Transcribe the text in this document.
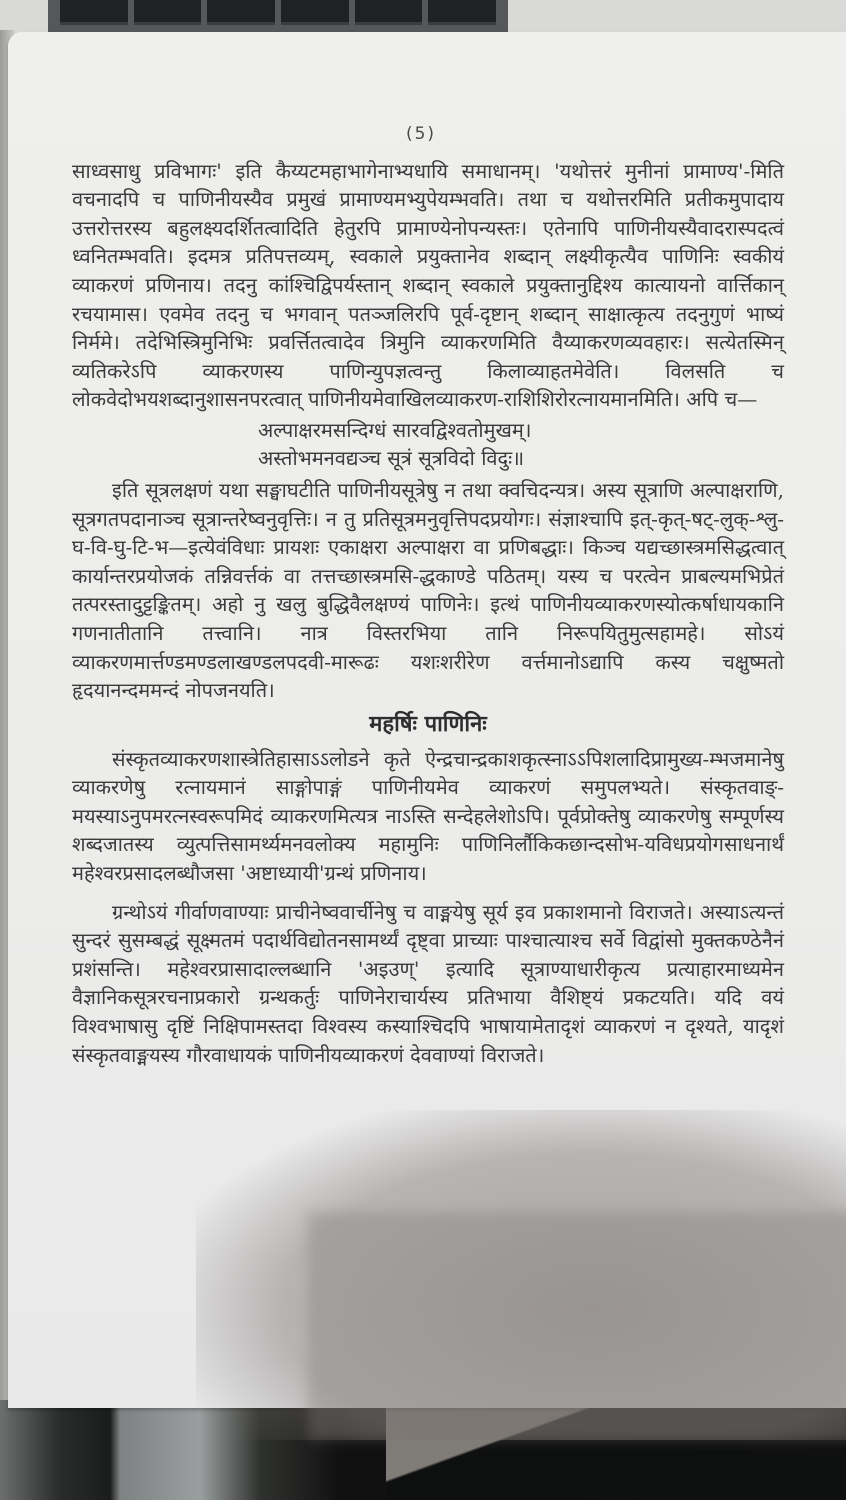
(5)

साध्वसाधु प्रविभागः' इति कैय्यटमहाभागेनाभ्यधायि समाधानम्। 'यथोत्तरं मुनीनां प्रामाण्य'-मिति वचनादपि च पाणिनीयस्यैव प्रमुखं प्रामाण्यमभ्युपेयम्भवति। तथा च यथोत्तरमिति प्रतीकमुपादाय उत्तरोत्तरस्य बहुलक्ष्यदर्शितत्वादिति हेतुरपि प्रामाण्येनोपन्यस्तः। एतेनापि पाणिनीयस्यैवादरास्पदत्वं ध्वनितम्भवति। इदमत्र प्रतिपत्तव्यम्, स्वकाले प्रयुक्तानेव शब्दान् लक्ष्यीकृत्यैव पाणिनिः स्वकीयं व्याकरणं प्रणिनाय। तदनु कांश्चिद्विपर्यस्तान् शब्दान् स्वकाले प्रयुक्तानुद्दिश्य कात्यायनो वार्त्तिकान् रचयामास। एवमेव तदनु च भगवान् पतञ्जलिरपि पूर्व-दृष्टान् शब्दान् साक्षात्कृत्य तदनुगुणं भाष्यं निर्ममे। तदेभिस्त्रिमुनिभिः प्रवर्त्तितत्वादेव त्रिमुनि व्याकरणमिति वैय्याकरणव्यवहारः। सत्येतस्मिन् व्यतिकरेऽपि व्याकरणस्य पाणिन्युपज्ञत्वन्तु किलाव्याहतमेवेति। विलसति च लोकवेदोभयशब्दानुशासनपरत्वात् पाणिनीयमेवाखिलव्याकरण-राशिशिरोरत्नायमानमिति। अपि च—

अल्पाक्षरमसन्दिग्धं सारवद्विश्वतोमुखम्।
अस्तोभमनवद्यञ्च सूत्रं सूत्रविदो विदुः॥

इति सूत्रलक्षणं यथा सङ्घाघटीति पाणिनीयसूत्रेषु न तथा क्वचिदन्यत्र। अस्य सूत्राणि अल्पाक्षराणि, सूत्रगतपदानाञ्च सूत्रान्तरेष्वनुवृत्तिः। न तु प्रतिसूत्रमनुवृत्तिपदप्रयोगः। संज्ञाश्चापि इत्-कृत्-षट्-लुक्-श्लु-घ-वि-घु-टि-भ—इत्येवंविधाः प्रायशः एकाक्षरा अल्पाक्षरा वा प्रणिबद्धाः। किञ्च यद्यच्छास्त्रमसिद्धत्वात् कार्यान्तरप्रयोजकं तन्निवर्त्तकं वा तत्तच्छास्त्रमसि-द्धकाण्डे पठितम्। यस्य च परत्वेन प्राबल्यमभिप्रेतं तत्परस्तादुट्टङ्कितम्। अहो नु खलु बुद्धिवैलक्षण्यं पाणिनेः। इत्थं पाणिनीयव्याकरणस्योत्कर्षाधायकानि गणनातीतानि तत्त्वानि। नात्र विस्तरभिया तानि निरूपयितुमुत्सहामहे। सोऽयं व्याकरणमार्त्तण्डमण्डलाखण्डलपदवी-मारूढः यशःशरीरेण वर्त्तमानोऽद्यापि कस्य चक्षुष्मतो हृदयानन्दममन्दं नोपजनयति।

महर्षिः पाणिनिः

संस्कृतव्याकरणशास्त्रेतिहासाऽऽलोडने कृते ऐन्द्रचान्द्रकाशकृत्स्नाऽऽपिशलादिप्रामुख्य-म्भजमानेषु व्याकरणेषु रत्नायमानं साङ्गोपाङ्गं पाणिनीयमेव व्याकरणं समुपलभ्यते। संस्कृतवाङ्-मयस्याऽनुपमरत्नस्वरूपमिदं व्याकरणमित्यत्र नाऽस्ति सन्देहलेशोऽपि। पूर्वप्रोक्तेषु व्याकरणेषु सम्पूर्णस्य शब्दजातस्य व्युत्पत्तिसामर्थ्यमनवलोक्य महामुनिः पाणिनिर्लौकिकछान्दसोभ-यविधप्रयोगसाधनार्थं महेश्वरप्रसादलब्धौजसा 'अष्टाध्यायी'ग्रन्थं प्रणिनाय।

ग्रन्थोऽयं गीर्वाणवाण्याः प्राचीनेष्ववार्चीनेषु च वाङ्मयेषु सूर्य इव प्रकाशमानो विराजते। अस्याऽत्यन्तं सुन्दरं सुसम्बद्धं सूक्ष्मतमं पदार्थविद्योतनसामर्थ्यं दृष्ट्वा प्राच्याः पाश्चात्याश्च सर्वे विद्वांसो मुक्तकण्ठेनैनं प्रशंसन्ति। महेश्वरप्रासादाल्लब्धानि 'अइउण्' इत्यादि सूत्राण्याधारीकृत्य प्रत्याहारमाध्यमेन वैज्ञानिकसूत्ररचनाप्रकारो ग्रन्थकर्तुः पाणिनेराचार्यस्य प्रतिभाया वैशिष्ट्यं प्रकटयति। यदि वयं विश्वभाषासु दृष्टिं निक्षिपामस्तदा विश्वस्य कस्याश्चिदपि भाषायामेतादृशं व्याकरणं न दृश्यते, यादृशं संस्कृतवाङ्मयस्य गौरवाधायकं पाणिनीयव्याकरणं देववाण्यां विराजते।
